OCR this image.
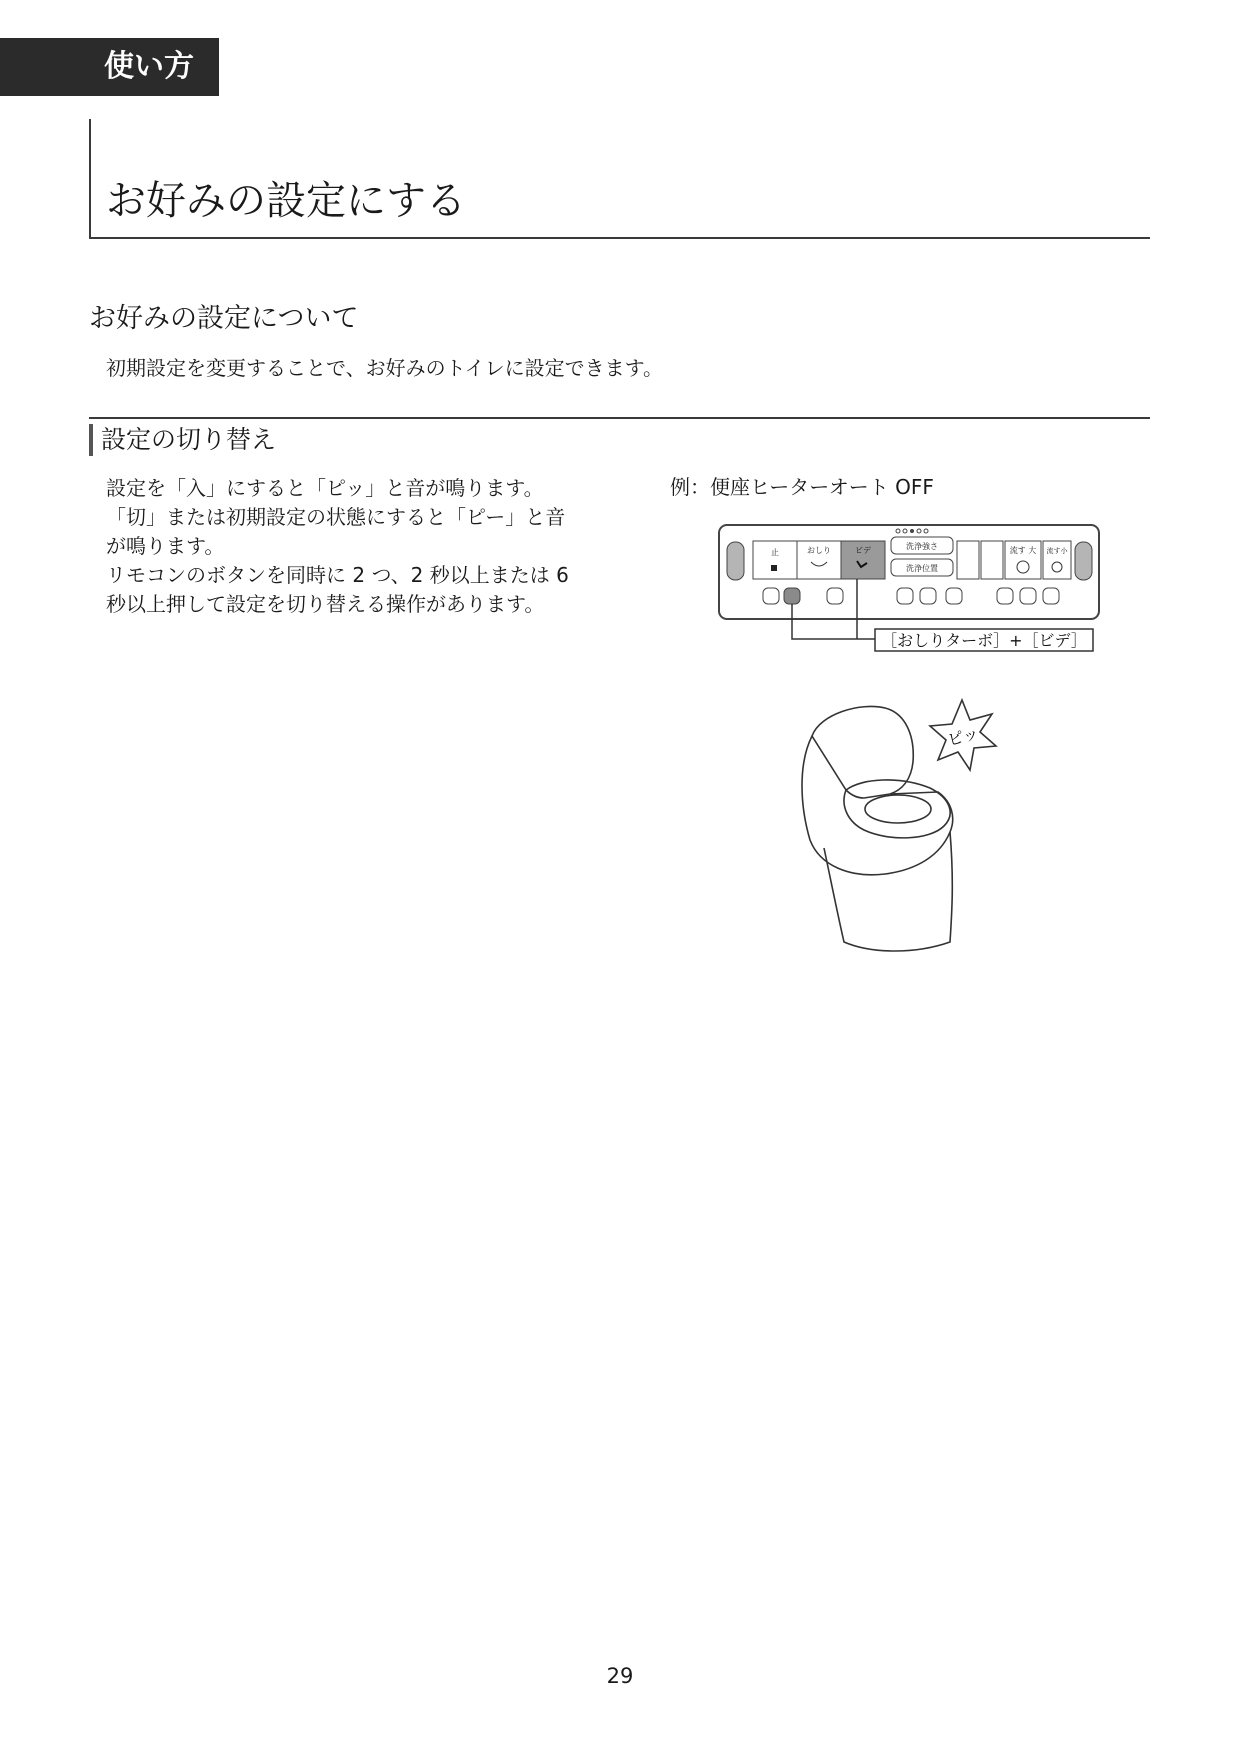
使い方
お好みの設定にする
お好みの設定について

初期設定を変更することで、お好みのトイレに設定できます。

設定の切り替え

設定を「入」にすると「ピッ」と音が鳴ります。
「切」または初期設定の状態にすると「ピー」と音
が鳴ります。
リモコンのボタンを同時に 2 つ、2 秒以上または 6
秒以上押して設定を切り替える操作があります。

例：便座ヒーターオート OFF

止	おしり	ビデ	洗浄強さ
洗浄位置
流す 大 流す小
［おしりターボ］+［ビデ］
ピッ
29
